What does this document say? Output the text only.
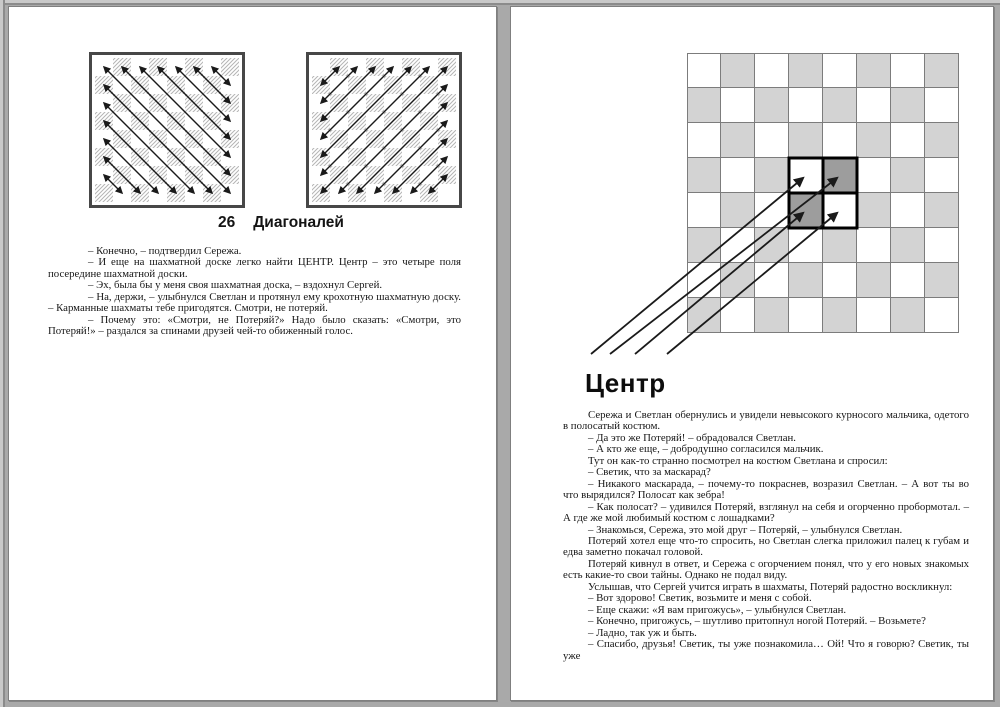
26 Диагоналей

– Конечно, – подтвердил Сережа.

– И еще на шахматной доске легко найти ЦЕНТР. Центр – это четыре поля посередине шахматной доски.

– Эх, была бы у меня своя шахматная доска, – вздохнул Сергей.

– На, держи, – улыбнулся Светлан и протянул ему крохотную шахматную доску. – Карманные шахматы тебе пригодятся. Смотри, не потеряй.

– Почему это: «Смотри, не Потеряй?» Надо было сказать: «Смотри, это Потеряй!» – раздался за спинами друзей чей-то обиженный голос.

Центр

Сережа и Светлан обернулись и увидели невысокого курносого мальчика, одетого в полосатый костюм.

– Да это же Потеряй! – обрадовался Светлан.

– А кто же еще, – добродушно согласился мальчик.

Тут он как-то странно посмотрел на костюм Светлана и спросил:

– Светик, что за маскарад?

– Никакого маскарада, – почему-то покраснев, возразил Светлан. – А вот ты во что вырядился? Полосат как зебра!

– Как полосат? – удивился Потеряй, взглянул на себя и огорченно пробормотал. – А где же мой любимый костюм с лошадками?

– Знакомься, Сережа, это мой друг – Потеряй, – улыбнулся Светлан.

Потеряй хотел еще что-то спросить, но Светлан слегка приложил палец к губам и едва заметно покачал головой.

Потеряй кивнул в ответ, и Сережа с огорчением понял, что у его новых знакомых есть какие-то свои тайны. Однако не подал виду.

Услышав, что Сергей учится играть в шахматы, Потеряй радостно воскликнул:

– Вот здорово! Светик, возьмите и меня с собой.

– Еще скажи: «Я вам пригожусь», – улыбнулся Светлан.

– Конечно, пригожусь, – шутливо притопнул ногой Потеряй. – Возьмете?

– Ладно, так уж и быть.

– Спасибо, друзья! Светик, ты уже познакомила… Ой! Что я говорю? Светик, ты уже
